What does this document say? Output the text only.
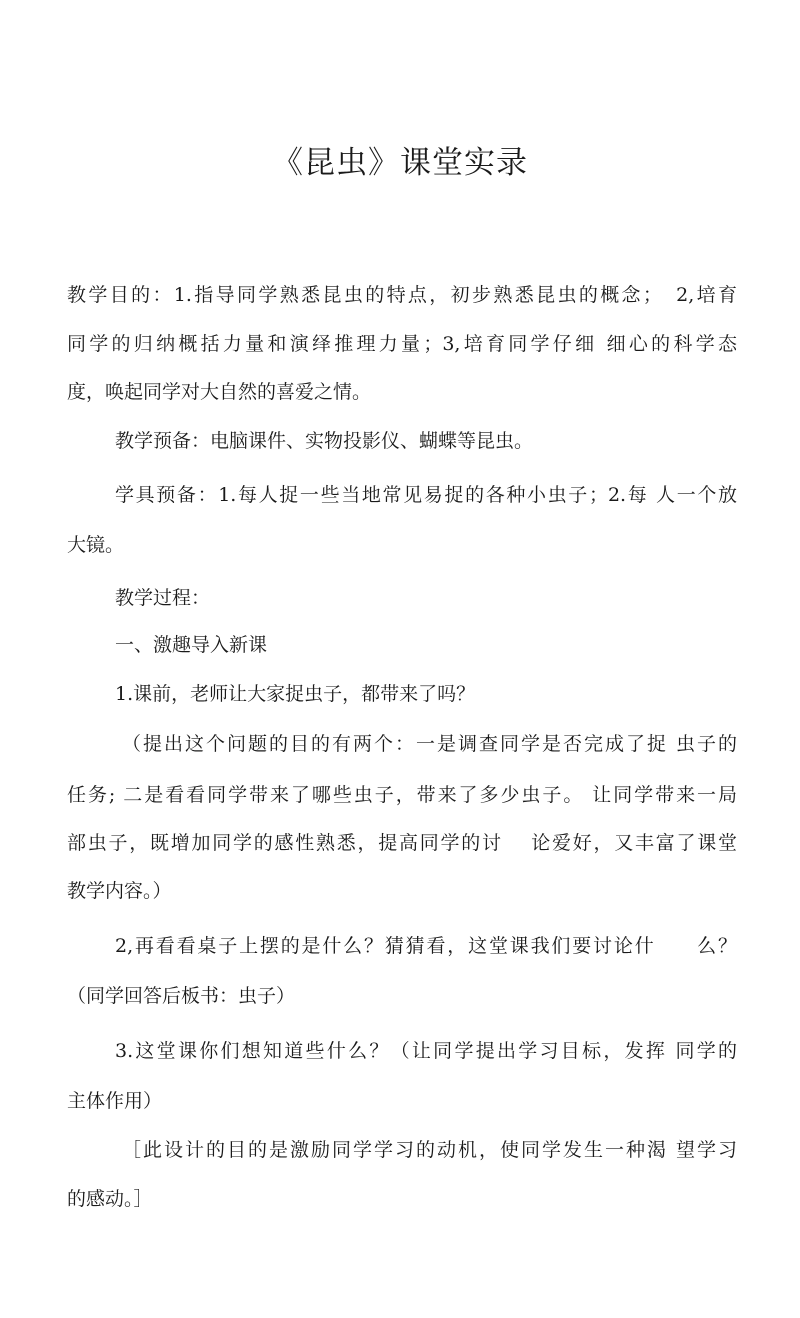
《昆虫》课堂实录
教学目的：1.指导同学熟悉昆虫的特点，初步熟悉昆虫的概念；　2,培育
同学的归纳概括力量和演绎推理力量；3,培育同学仔细 细心的科学态
度，唤起同学对大自然的喜爱之情。
教学预备：电脑课件、实物投影仪、蝴蝶等昆虫。
学具预备：1.每人捉一些当地常见易捉的各种小虫子；2.每 人一个放
大镜。
教学过程：
一、激趣导入新课
1.课前，老师让大家捉虫子，都带来了吗？
（提出这个问题的目的有两个：一是调查同学是否完成了捉 虫子的
任务; 二是看看同学带来了哪些虫子，带来了多少虫子。 让同学带来一局
部虫子，既增加同学的感性熟悉，提高同学的讨　 论爱好，又丰富了课堂
教学内容。）
2,再看看桌子上摆的是什么？猜猜看，这堂课我们要讨论什　　么？
（同学回答后板书：虫子）
3.这堂课你们想知道些什么？（让同学提出学习目标，发挥 同学的
主体作用）
［此设计的目的是激励同学学习的动机，使同学发生一种渴 望学习
的感动。］
